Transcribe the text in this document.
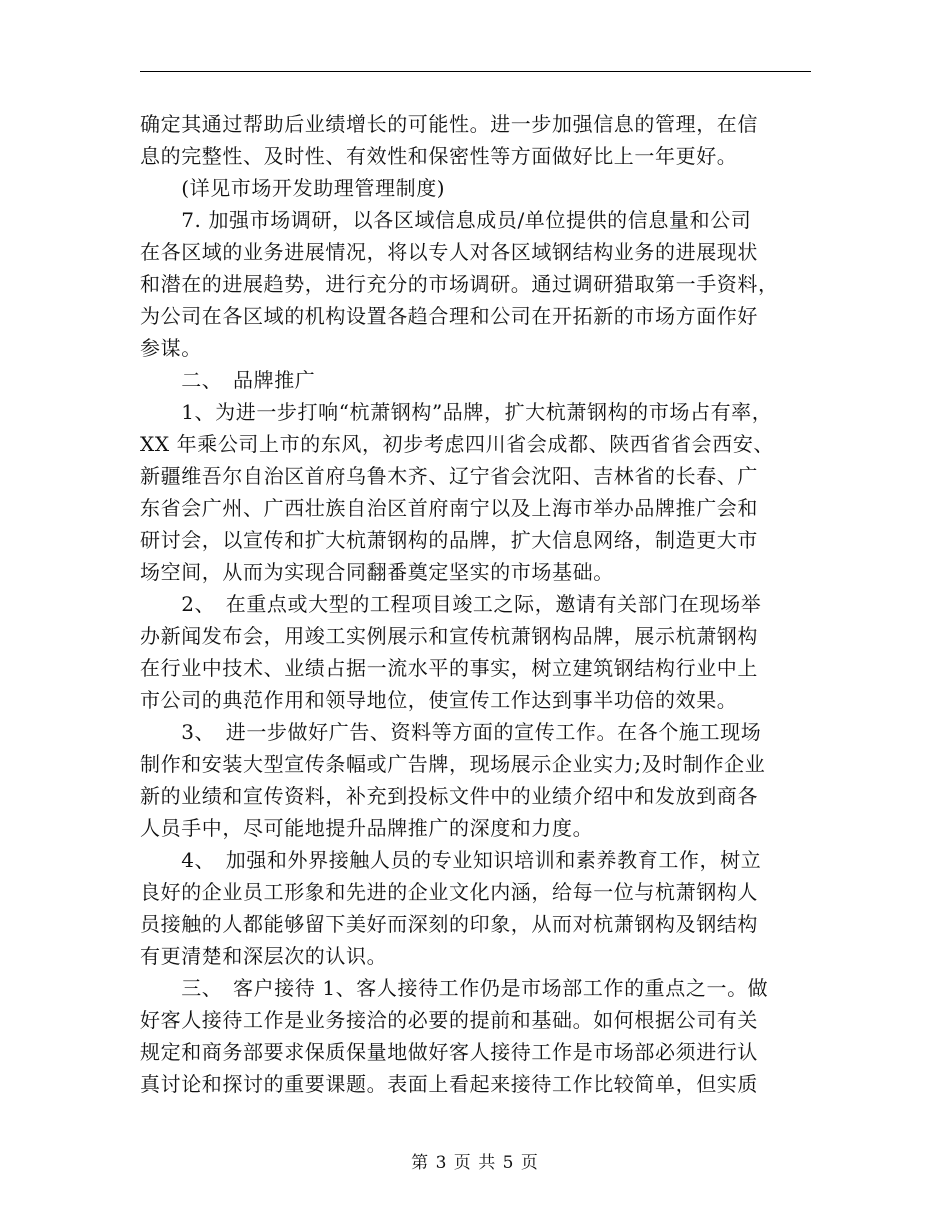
确定其通过帮助后业绩增长的可能性。进一步加强信息的管理，在信
息的完整性、及时性、有效性和保密性等方面做好比上一年更好。
　　(详见市场开发助理管理制度)
　　7. 加强市场调研，以各区域信息成员/单位提供的信息量和公司
在各区域的业务进展情况，将以专人对各区域钢结构业务的进展现状
和潜在的进展趋势，进行充分的市场调研。通过调研猎取第一手资料，
为公司在各区域的机构设置各趋合理和公司在开拓新的市场方面作好
参谋。
　　二、　品牌推广
　　1、为进一步打响“杭萧钢构”品牌，扩大杭萧钢构的市场占有率，
XX 年乘公司上市的东风，初步考虑四川省会成都、陕西省省会西安、
新疆维吾尔自治区首府乌鲁木齐、辽宁省会沈阳、吉林省的长春、广
东省会广州、广西壮族自治区首府南宁以及上海市举办品牌推广会和
研讨会，以宣传和扩大杭萧钢构的品牌，扩大信息网络，制造更大市
场空间，从而为实现合同翻番奠定坚实的市场基础。
　　2、　在重点或大型的工程项目竣工之际，邀请有关部门在现场举
办新闻发布会，用竣工实例展示和宣传杭萧钢构品牌，展示杭萧钢构
在行业中技术、业绩占据一流水平的事实，树立建筑钢结构行业中上
市公司的典范作用和领导地位，使宣传工作达到事半功倍的效果。
　　3、　进一步做好广告、资料等方面的宣传工作。在各个施工现场
制作和安装大型宣传条幅或广告牌，现场展示企业实力;及时制作企业
新的业绩和宣传资料，补充到投标文件中的业绩介绍中和发放到商各
人员手中，尽可能地提升品牌推广的深度和力度。
　　4、　加强和外界接触人员的专业知识培训和素养教育工作，树立
良好的企业员工形象和先进的企业文化内涵，给每一位与杭萧钢构人
员接触的人都能够留下美好而深刻的印象，从而对杭萧钢构及钢结构
有更清楚和深层次的认识。
　　三、　客户接待 1、客人接待工作仍是市场部工作的重点之一。做
好客人接待工作是业务接洽的必要的提前和基础。如何根据公司有关
规定和商务部要求保质保量地做好客人接待工作是市场部必须进行认
真讨论和探讨的重要课题。表面上看起来接待工作比较简单，但实质
第 3 页 共 5 页
